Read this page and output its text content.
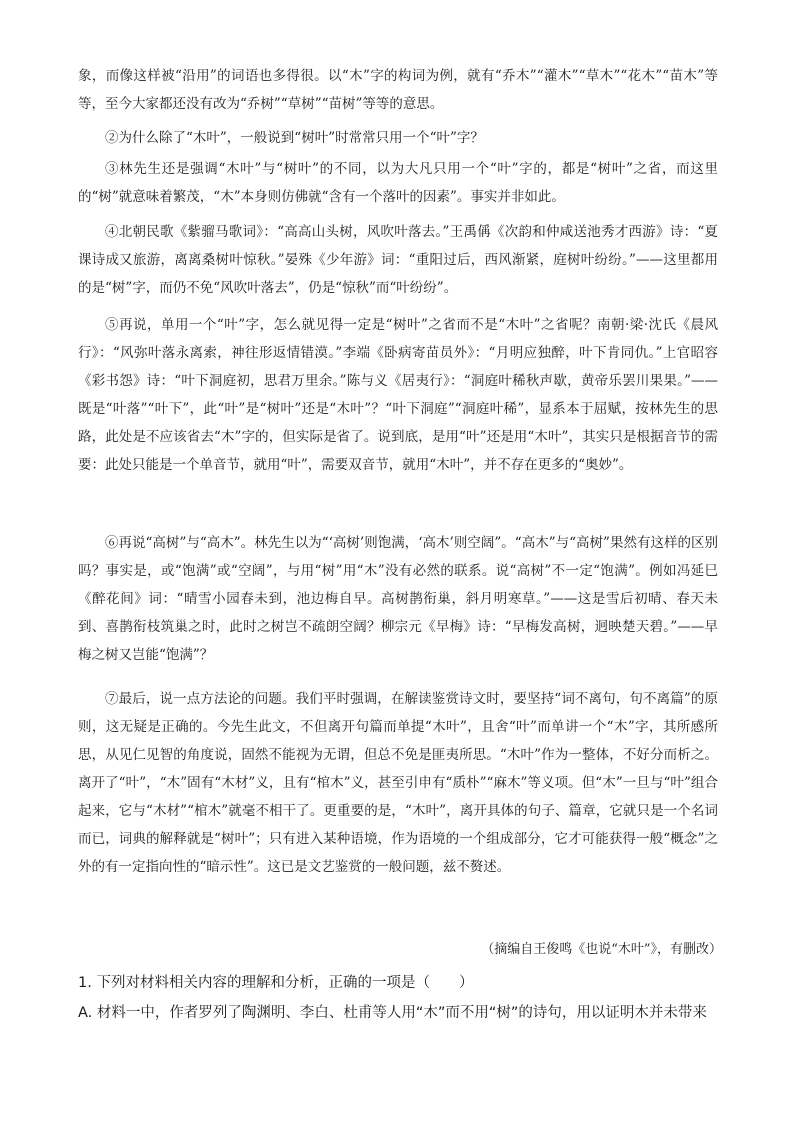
象，而像这样被“沿用”的词语也多得很。以“木”字的构词为例，就有“乔木”“灌木”“草木”“花木”“苗木”等等，至今大家都还没有改为“乔树”“草树”“苗树”等等的意思。

②为什么除了“木叶”，一般说到“树叶”时常常只用一个“叶”字？

③林先生还是强调“木叶”与“树叶”的不同，以为大凡只用一个“叶”字的，都是“树叶”之省，而这里的“树”就意味着繁茂，“木”本身则仿佛就“含有一个落叶的因素”。事实并非如此。

④北朝民歌《紫骝马歌词》：“高高山头树，风吹叶落去。”王禹偁《次韵和仲咸送池秀才西游》诗：“夏课诗成又旅游，离离桑树叶惊秋。”晏殊《少年游》词：“重阳过后，西风渐紧，庭树叶纷纷。”——这里都用的是“树”字，而仍不免“风吹叶落去”，仍是“惊秋”而“叶纷纷”。

⑤再说，单用一个“叶”字，怎么就见得一定是“树叶”之省而不是“木叶”之省呢？南朝·梁·沈氏《晨风行》：“风弥叶落永离索，神往形返情错漠。”李端《卧病寄苗员外》：“月明应独醉，叶下肯同仇。”上官昭容《彩书怨》诗：“叶下洞庭初，思君万里余。”陈与义《居夷行》：“洞庭叶稀秋声歇，黄帝乐罢川果果。”——既是“叶落”“叶下”，此“叶”是“树叶”还是“木叶”？“叶下洞庭”“洞庭叶稀”，显系本于屈赋，按林先生的思路，此处是不应该省去“木”字的，但实际是省了。说到底，是用“叶”还是用“木叶”，其实只是根据音节的需要：此处只能是一个单音节，就用“叶”，需要双音节，就用“木叶”，并不存在更多的“奥妙”。

⑥再说“高树”与“高木”。林先生以为“‘高树’则饱满，‘高木’则空阔”。“高木”与“高树”果然有这样的区别吗？事实是，或“饱满”或“空阔”，与用“树”用“木”没有必然的联系。说“高树”不一定“饱满”。例如冯延巳《醉花间》词：“晴雪小园春未到，池边梅自早。高树鹊衔巢，斜月明寒草。”——这是雪后初晴、春天未到、喜鹊衔枝筑巢之时，此时之树岂不疏朗空阔？柳宗元《早梅》诗：“早梅发高树，迥映楚天碧。”——早梅之树又岂能“饱满”？

⑦最后，说一点方法论的问题。我们平时强调，在解读鉴赏诗文时，要坚持“词不离句，句不离篇”的原则，这无疑是正确的。今先生此文，不但离开句篇而单提“木叶”，且舍“叶”而单讲一个“木”字，其所感所思，从见仁见智的角度说，固然不能视为无谓，但总不免是匪夷所思。“木叶”作为一整体，不好分而析之。离开了“叶”，“木”固有“木材”义，且有“棺木”义，甚至引申有“质朴”“麻木”等义项。但“木”一旦与“叶”组合起来，它与“木材”“棺木”就毫不相干了。更重要的是，“木叶”，离开具体的句子、篇章，它就只是一个名词而已，词典的解释就是“树叶”；只有进入某种语境，作为语境的一个组成部分，它才可能获得一般“概念”之外的有一定指向性的“暗示性”。这已是文艺鉴赏的一般问题，兹不赘述。

（摘编自王俊鸣《也说“木叶”》，有删改）

1. 下列对材料相关内容的理解和分析，正确的一项是（　　）

A. 材料一中，作者罗列了陶渊明、李白、杜甫等人用“木”而不用“树”的诗句，用以证明木并未带来
